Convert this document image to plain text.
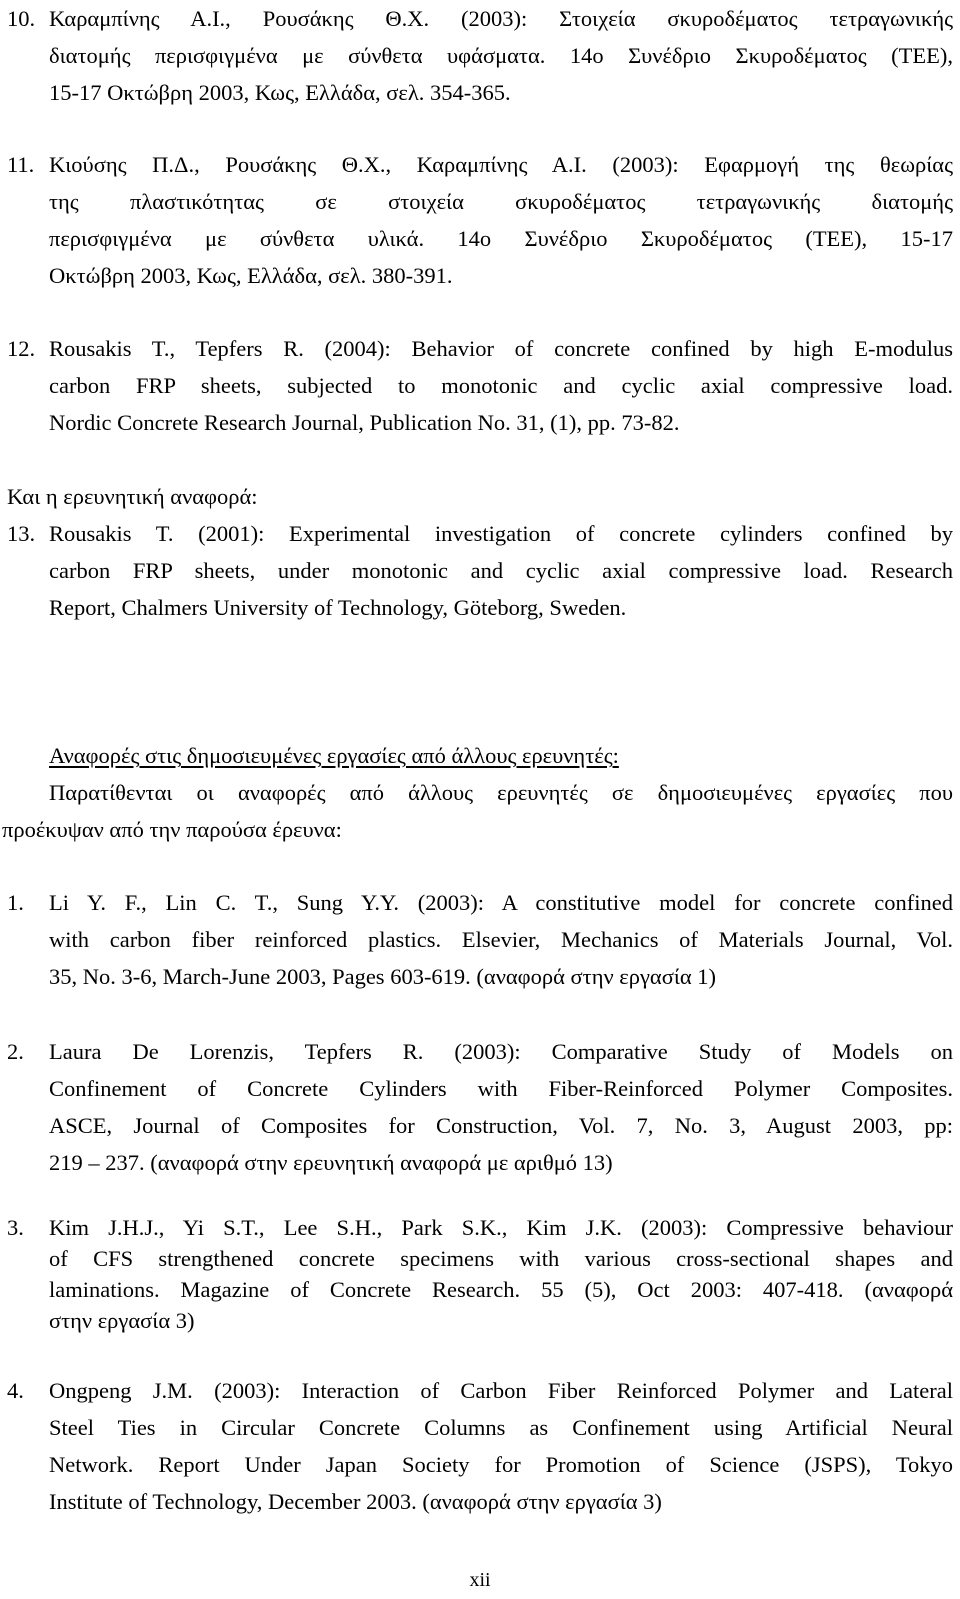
10. Καραμπίνης Α.Ι., Ρουσάκης Θ.Χ. (2003): Στοιχεία σκυροδέματος τετραγωνικής
διατομής περισφιγμένα με σύνθετα υφάσματα. 14ο Συνέδριο Σκυροδέματος (ΤΕΕ),
15-17 Οκτώβρη 2003, Κως, Ελλάδα, σελ. 354-365.
11. Κιούσης Π.Δ., Ρουσάκης Θ.Χ., Καραμπίνης Α.Ι. (2003): Εφαρμογή της θεωρίας
της πλαστικότητας σε στοιχεία σκυροδέματος τετραγωνικής διατομής
περισφιγμένα με σύνθετα υλικά. 14ο Συνέδριο Σκυροδέματος (ΤΕΕ), 15-17
Οκτώβρη 2003, Κως, Ελλάδα, σελ. 380-391.
12. Rousakis T., Tepfers R. (2004): Behavior of concrete confined by high E-modulus
carbon FRP sheets, subjected to monotonic and cyclic axial compressive load.
Nordic Concrete Research Journal, Publication No. 31, (1), pp. 73-82.
Και η ερευνητική αναφορά:
13. Rousakis T. (2001): Experimental investigation of concrete cylinders confined by
carbon FRP sheets, under monotonic and cyclic axial compressive load. Research
Report, Chalmers University of Technology, Göteborg, Sweden.
Αναφορές στις δημοσιευμένες εργασίες από άλλους ερευνητές:
Παρατίθενται οι αναφορές από άλλους ερευνητές σε δημοσιευμένες εργασίες που
προέκυψαν από την παρούσα έρευνα:
1. Li Y. F., Lin C. T., Sung Y.Y. (2003): A constitutive model for concrete confined
with carbon fiber reinforced plastics. Elsevier, Mechanics of Materials Journal, Vol.
35, No. 3-6, March-June 2003, Pages 603-619. (αναφορά στην εργασία 1)
2. Laura De Lorenzis, Tepfers R. (2003): Comparative Study of Models on
Confinement of Concrete Cylinders with Fiber-Reinforced Polymer Composites.
ASCE, Journal of Composites for Construction, Vol. 7, No. 3, August 2003, pp:
219 – 237. (αναφορά στην ερευνητική αναφορά με αριθμό 13)
3. Kim J.H.J., Yi S.T., Lee S.H., Park S.K., Kim J.K. (2003): Compressive behaviour
of CFS strengthened concrete specimens with various cross-sectional shapes and
laminations. Magazine of Concrete Research. 55 (5), Oct 2003: 407-418. (αναφορά
στην εργασία 3)
4. Ongpeng J.M. (2003): Interaction of Carbon Fiber Reinforced Polymer and Lateral
Steel Ties in Circular Concrete Columns as Confinement using Artificial Neural
Network. Report Under Japan Society for Promotion of Science (JSPS), Tokyo
Institute of Technology, December 2003. (αναφορά στην εργασία 3)
xii
